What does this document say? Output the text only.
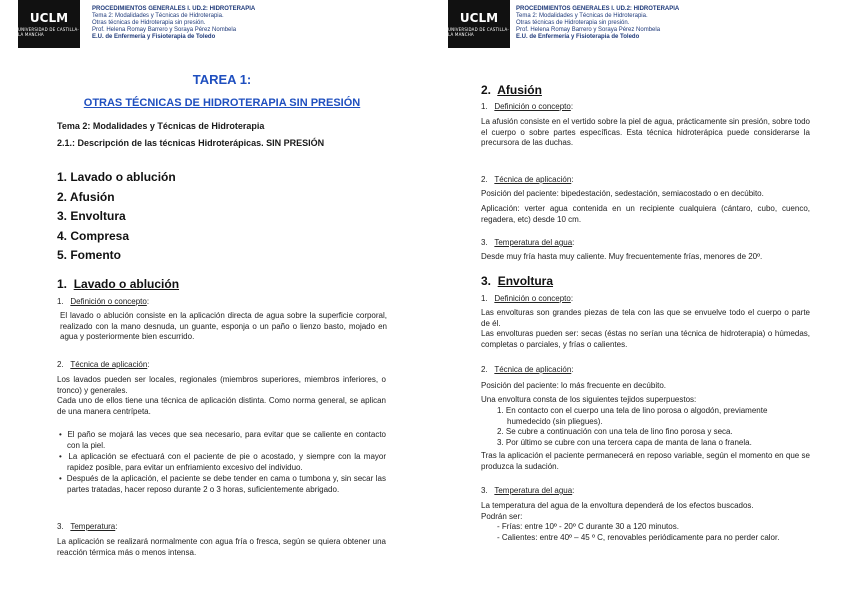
UCLM
UNIVERSIDAD DE CASTILLA-LA MANCHA
PROCEDIMIENTOS GENERALES I. UD.2: HIDROTERAPIA
Tema 2: Modalidades y Técnicas de Hidroterapia.
Otras técnicas de Hidroterapia sin presión.
Prof. Helena Romay Barrero y Soraya Pérez Nombela
E.U. de Enfermería y Fisioterapia de Toledo
TAREA 1:
OTRAS TÉCNICAS DE HIDROTERAPIA SIN PRESIÓN
Tema 2: Modalidades y Técnicas de Hidroterapia
2.1.: Descripción de las técnicas Hidroterápicas. SIN PRESIÓN
1. Lavado o ablución
2. Afusión
3. Envoltura
4. Compresa
5. Fomento
1. Lavado o ablución
1. Definición o concepto:
El lavado o ablución consiste en la aplicación directa de agua sobre la superficie corporal, realizado con la mano desnuda, un guante, esponja o un paño o lienzo basto, mojado en agua y posteriormente bien escurrido.
2. Técnica de aplicación:
Los lavados pueden ser locales, regionales (miembros superiores, miembros inferiores, o tronco) y generales.
Cada uno de ellos tiene una técnica de aplicación distinta. Como norma general, se aplican de una manera centrípeta.
•  El paño se mojará las veces que sea necesario, para evitar que se caliente en contacto con la piel.
•  La aplicación se efectuará con el paciente de pie o acostado, y siempre con la mayor rapidez posible, para evitar un enfriamiento excesivo del individuo.
•  Después de la aplicación, el paciente se debe tender en cama o tumbona y, sin secar las partes tratadas, hacer reposo durante 2 o 3 horas, suficientemente abrigado.
3. Temperatura:
La aplicación se realizará normalmente con agua fría o fresca, según se quiera obtener una reacción térmica más o menos intensa.
UCLM
UNIVERSIDAD DE CASTILLA-LA MANCHA
PROCEDIMIENTOS GENERALES I. UD.2: HIDROTERAPIA
Tema 2: Modalidades y Técnicas de Hidroterapia.
Otras técnicas de Hidroterapia sin presión.
Prof. Helena Romay Barrero y Soraya Pérez Nombela
E.U. de Enfermería y Fisioterapia de Toledo
2. Afusión
1. Definición o concepto:
La afusión consiste en el vertido sobre la piel de agua, prácticamente sin presión, sobre todo el cuerpo o sobre partes específicas. Esta técnica hidroterápica puede considerarse la precursora de las duchas.
2. Técnica de aplicación:
Posición del paciente: bipedestación, sedestación, semiacostado o en decúbito.
Aplicación: verter agua contenida en un recipiente cualquiera (cántaro, cubo, cuenco, regadera, etc) desde 10 cm.
3. Temperatura del agua:
Desde muy fría hasta muy caliente. Muy frecuentemente frías, menores de 20º.
3. Envoltura
1. Definición o concepto:
Las envolturas son grandes piezas de tela con las que se envuelve todo el cuerpo o parte de él.
Las envolturas pueden ser: secas (éstas no serían una técnica de hidroterapia) o húmedas, completas o parciales, y frías o calientes.
2. Técnica de aplicación:
Posición del paciente: lo más frecuente en decúbito.
Una envoltura consta de los siguientes tejidos superpuestos:
1. En contacto con el cuerpo una tela de lino porosa o algodón, previamente humedecido (sin pliegues).
2. Se cubre a continuación con una tela de lino fino porosa y seca.
3. Por último se cubre con una tercera capa de manta de lana o franela.
Tras la aplicación el paciente permanecerá en reposo variable, según el momento en que se produzca la sudación.
3. Temperatura del agua:
La temperatura del agua de la envoltura dependerá de los efectos buscados.
Podrán ser:
- Frías: entre 10º - 20º C durante 30 a 120 minutos.
- Calientes: entre 40º – 45 º C, renovables periódicamente para no perder calor.
